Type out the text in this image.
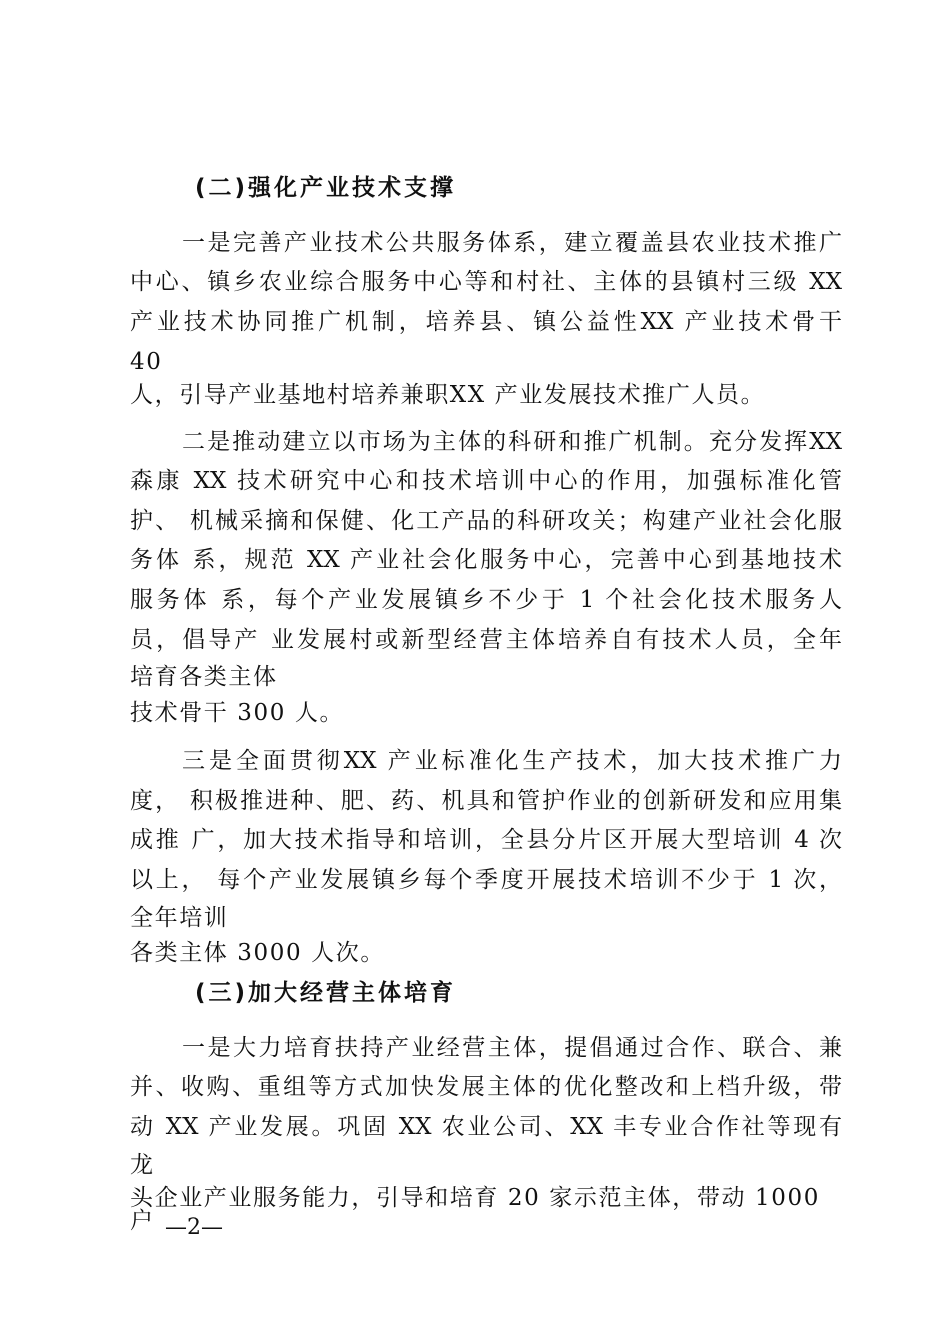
(二)强化产业技术支撑
一是完善产业技术公共服务体系，建立覆盖县农业技术推广
中心、镇乡农业综合服务中心等和村社、主体的县镇村三级 XX
产业技术协同推广机制，培养县、镇公益性XX 产业技术骨干
40
人，引导产业基地村培养兼职XX 产业发展技术推广人员。
二是推动建立以市场为主体的科研和推广机制。充分发挥XX
森康 XX 技术研究中心和技术培训中心的作用，加强标准化管
护、 机械采摘和保健、化工产品的科研攻关；构建产业社会化服
务体 系，规范 XX 产业社会化服务中心，完善中心到基地技术
服务体 系，每个产业发展镇乡不少于 1 个社会化技术服务人
员，倡导产 业发展村或新型经营主体培养自有技术人员，全年
培育各类主体
技术骨干 300 人。
三是全面贯彻XX 产业标准化生产技术，加大技术推广力
度， 积极推进种、肥、药、机具和管护作业的创新研发和应用集
成推 广，加大技术指导和培训，全县分片区开展大型培训 4 次
以上， 每个产业发展镇乡每个季度开展技术培训不少于 1 次，
全年培训
各类主体 3000 人次。
(三)加大经营主体培育
一是大力培育扶持产业经营主体，提倡通过合作、联合、兼
并、收购、重组等方式加快发展主体的优化整改和上档升级，带
动 XX 产业发展。巩固 XX 农业公司、XX 丰专业合作社等现有
龙
头企业产业服务能力，引导和培育 20 家示范主体，带动 1000
户 —2—
